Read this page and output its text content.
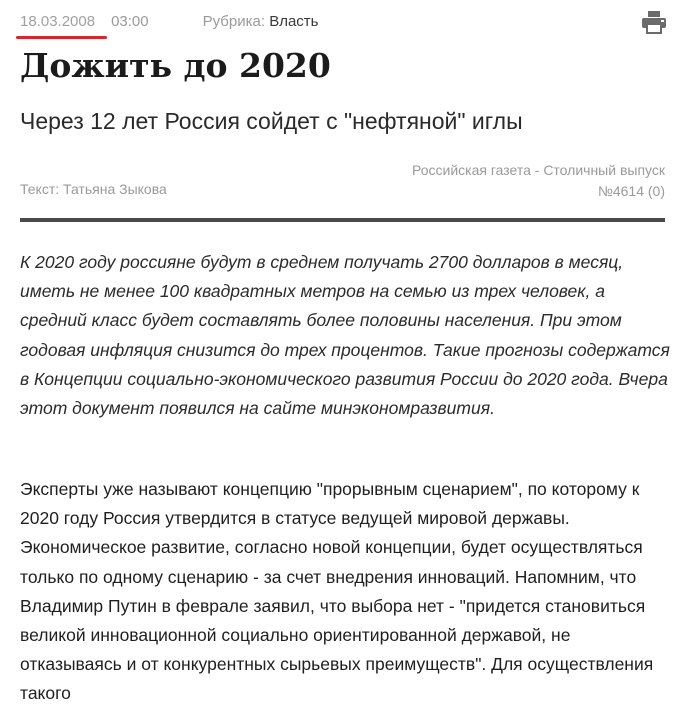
18.03.2008 03:00	Рубрика: Власть
Дожить до 2020
Через 12 лет Россия сойдет с "нефтяной" иглы
Текст: Татьяна Зыкова
Российская газета - Столичный выпуск
№4614 (0)

К 2020 году россияне будут в среднем получать 2700 долларов в месяц, иметь не менее 100 квадратных метров на семью из трех человек, а средний класс будет составлять более половины населения. При этом годовая инфляция снизится до трех процентов. Такие прогнозы содержатся в Концепции социально-экономического развития России до 2020 года. Вчера этот документ появился на сайте минэкономразвития.

Эксперты уже называют концепцию "прорывным сценарием", по которому к 2020 году Россия утвердится в статусе ведущей мировой державы. Экономическое развитие, согласно новой концепции, будет осуществляться только по одному сценарию - за счет внедрения инноваций. Напомним, что Владимир Путин в феврале заявил, что выбора нет - "придется становиться великой инновационной социально ориентированной державой, не отказываясь и от конкурентных сырьевых преимуществ". Для осуществления такого
